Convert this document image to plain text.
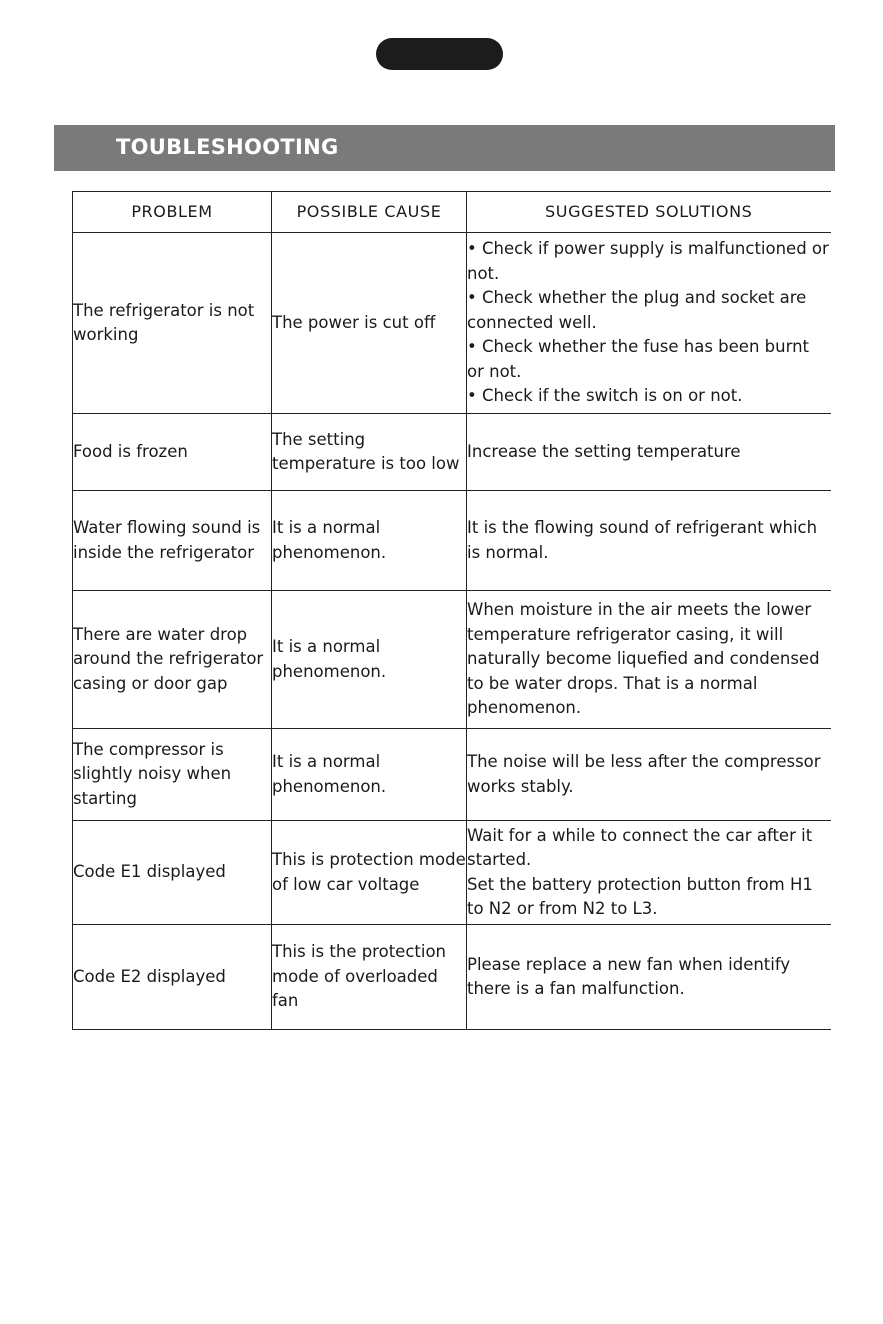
TOUBLESHOOTING
PROBLEM	POSSIBLE CAUSE	SUGGESTED SOLUTIONS
The refrigerator is not working	The power is cut off	• Check if power supply is malfunctioned or not.
• Check whether the plug and socket are connected well.
• Check whether the fuse has been burnt or not.
• Check if the switch is on or not.

Food is frozen	The setting temperature is too low	Increase the setting temperature

Water flowing sound is inside the refrigerator	It is a normal phenomenon.	It is the flowing sound of refrigerant which is normal.

There are water drop around the refrigerator casing or door gap	It is a normal phenomenon.	When moisture in the air meets the lower temperature refrigerator casing, it will naturally become liquefied and condensed to be water drops. That is a normal phenomenon.

The compressor is slightly noisy when starting	It is a normal phenomenon.	The noise will be less after the compressor works stably.

Code E1 displayed	This is protection mode of low car voltage	Wait for a while to connect the car after it started.
Set the battery protection button from H1 to N2 or from N2 to L3.

Code E2 displayed	This is the protection mode of overloaded fan	Please replace a new fan when identify there is a fan malfunction.
